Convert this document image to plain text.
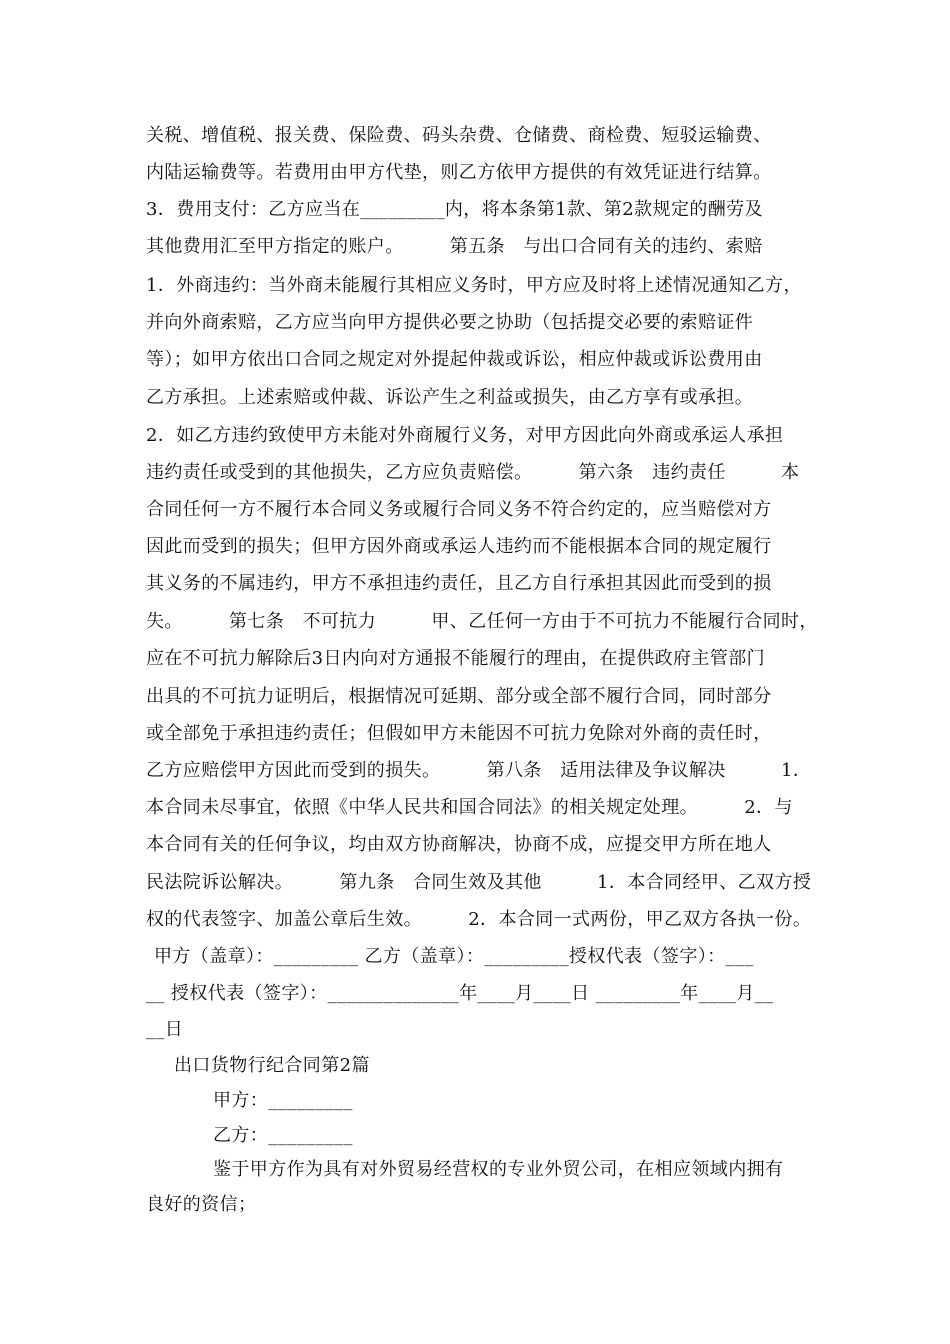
关税、增值税、报关费、保险费、码头杂费、仓储费、商检费、短驳运输费、
内陆运输费等。若费用由甲方代垫，则乙方依甲方提供的有效凭证进行结算。
3．费用支付：乙方应当在_________内，将本条第1款、第2款规定的酬劳及
其他费用汇至甲方指定的账户。　　　第五条　与出口合同有关的违约、索赔
1．外商违约：当外商未能履行其相应义务时，甲方应及时将上述情况通知乙方，
并向外商索赔，乙方应当向甲方提供必要之协助（包括提交必要的索赔证件
等）；如甲方依出口合同之规定对外提起仲裁或诉讼，相应仲裁或诉讼费用由
乙方承担。上述索赔或仲裁、诉讼产生之利益或损失，由乙方享有或承担。
2．如乙方违约致使甲方未能对外商履行义务，对甲方因此向外商或承运人承担
违约责任或受到的其他损失，乙方应负责赔偿。　　　第六条　违约责任　　　本
合同任何一方不履行本合同义务或履行合同义务不符合约定的，应当赔偿对方
因此而受到的损失；但甲方因外商或承运人违约而不能根据本合同的规定履行
其义务的不属违约，甲方不承担违约责任，且乙方自行承担其因此而受到的损
失。　　　第七条　不可抗力　　　甲、乙任何一方由于不可抗力不能履行合同时，
应在不可抗力解除后3日内向对方通报不能履行的理由，在提供政府主管部门
出具的不可抗力证明后，根据情况可延期、部分或全部不履行合同，同时部分
或全部免于承担违约责任；但假如甲方未能因不可抗力免除对外商的责任时，
乙方应赔偿甲方因此而受到的损失。　　　第八条　适用法律及争议解决　　　1．
本合同未尽事宜，依照《中华人民共和国合同法》的相关规定处理。　　　2．与
本合同有关的任何争议，均由双方协商解决，协商不成，应提交甲方所在地人
民法院诉讼解决。　　　第九条　合同生效及其他　　　1．本合同经甲、乙双方授
权的代表签字、加盖公章后生效。　　　2．本合同一式两份，甲乙双方各执一份。
甲方（盖章）：_________ 乙方（盖章）：_________授权代表（签字）：___
__ 授权代表（签字）：______________年____月____日 _________年____月__
__日
出口货物行纪合同第2篇
甲方：_________
乙方：_________
鉴于甲方作为具有对外贸易经营权的专业外贸公司，在相应领域内拥有
良好的资信；
